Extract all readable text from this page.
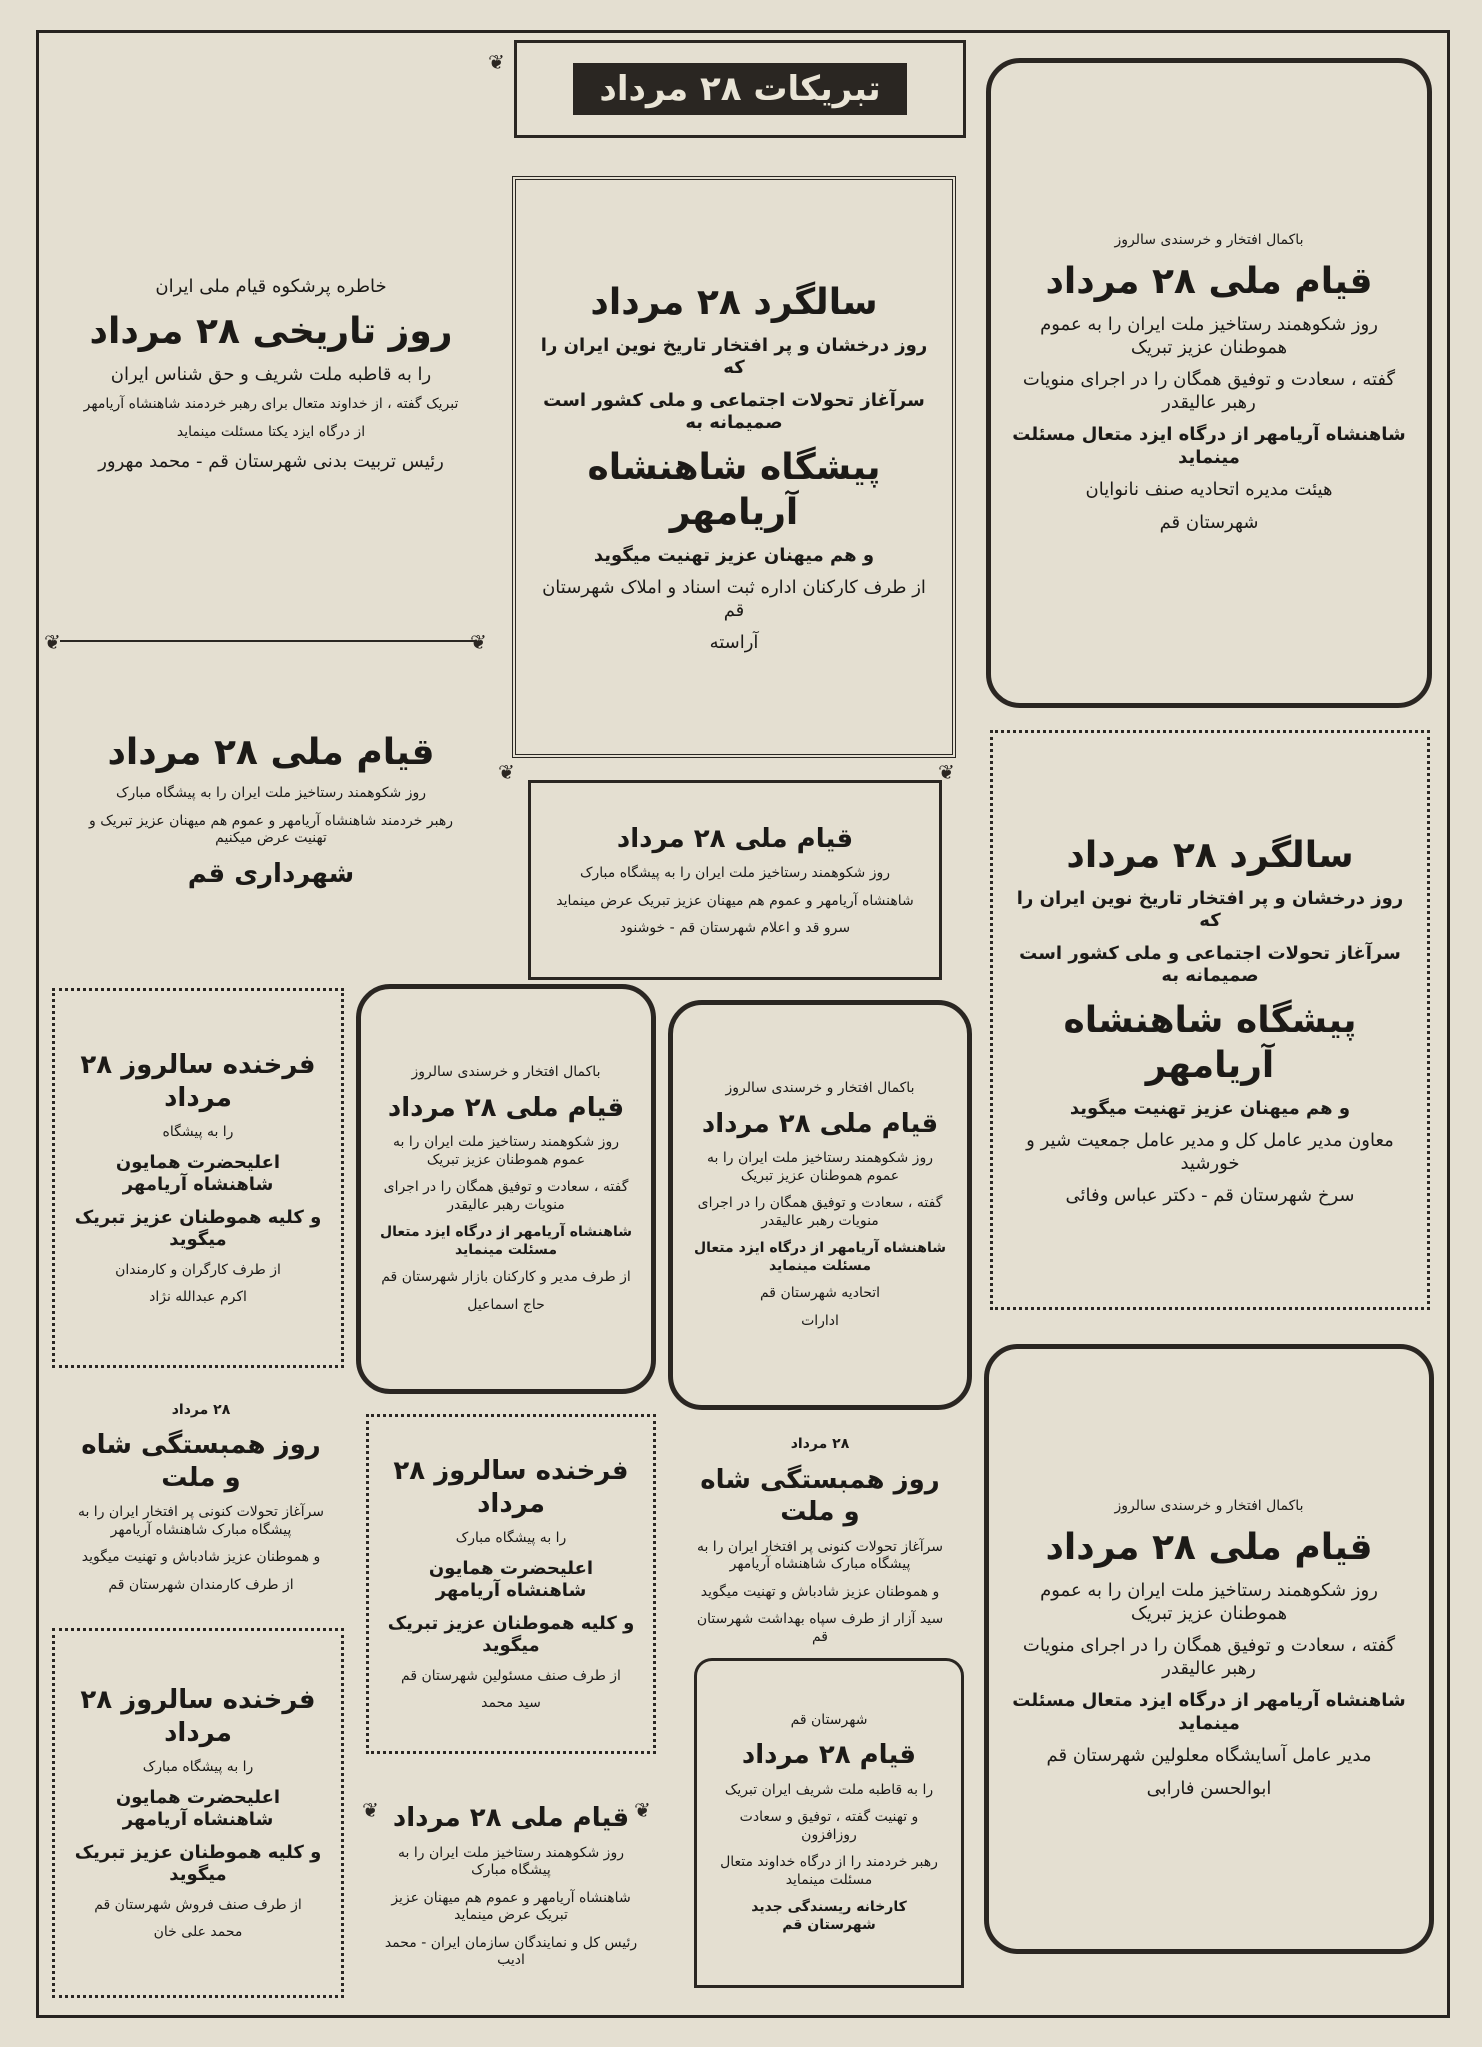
تبریکات ۲۸ مرداد
باکمال افتخار و خرسندی سالروز
قیام ملی ۲۸ مرداد
روز شکوهمند رستاخیز ملت ایران را به عموم هموطنان عزیز تبریک
گفته ، سعادت و توفیق همگان را در اجرای منویات رهبر عالیقدر
شاهنشاه آریامهر از درگاه ایزد متعال مسئلت مینماید
هیئت مدیره اتحادیه صنف نانوایان
شهرستان قم
سالگرد ۲۸ مرداد
روز درخشان و پر افتخار تاریخ نوین ایران را که
سرآغاز تحولات اجتماعی و ملی کشور است صمیمانه به
پیشگاه شاهنشاه آریامهر
و هم میهنان عزیز تهنیت میگوید
از طرف کارکنان اداره ثبت اسناد و املاک شهرستان قم
آراسته
خاطره پرشکوه قیام ملی ایران
روز تاریخی ۲۸ مرداد
را به قاطبه ملت شریف و حق شناس ایران
تبریک گفته ، از خداوند متعال برای رهبر خردمند شاهنشاه آریامهر
از درگاه ایزد یکتا مسئلت مینماید
رئیس تربیت بدنی شهرستان قم - محمد مهرور
قیام ملی ۲۸ مرداد
روز شکوهمند رستاخیز ملت ایران را به پیشگاه مبارک
رهبر خردمند شاهنشاه آریامهر و عموم هم میهنان عزیز تبریک و تهنیت عرض میکنیم
شهرداری قم
قیام ملی ۲۸ مرداد
روز شکوهمند رستاخیز ملت ایران را به پیشگاه مبارک
شاهنشاه آریامهر و عموم هم میهنان عزیز تبریک عرض مینماید
سرو قد و اعلام شهرستان قم - خوشنود
سالگرد ۲۸ مرداد
روز درخشان و پر افتخار تاریخ نوین ایران را که
سرآغاز تحولات اجتماعی و ملی کشور است صمیمانه به
پیشگاه شاهنشاه آریامهر
و هم میهنان عزیز تهنیت میگوید
معاون مدیر عامل کل و مدیر عامل جمعیت شیر و خورشید
سرخ شهرستان قم - دکتر عباس وفائی
فرخنده سالروز ۲۸ مرداد
را به پیشگاه
اعلیحضرت همایون شاهنشاه آریامهر
و کلیه هموطنان عزیز تبریک میگوید
از طرف کارگران و کارمندان
اکرم عبدالله نژاد
باکمال افتخار و خرسندی سالروز
قیام ملی ۲۸ مرداد
روز شکوهمند رستاخیز ملت ایران را به عموم هموطنان عزیز تبریک
گفته ، سعادت و توفیق همگان را در اجرای منویات رهبر عالیقدر
شاهنشاه آریامهر از درگاه ایزد متعال مسئلت مینماید
از طرف مدیر و کارکنان بازار شهرستان قم
حاج اسماعیل
باکمال افتخار و خرسندی سالروز
قیام ملی ۲۸ مرداد
روز شکوهمند رستاخیز ملت ایران را به عموم هموطنان عزیز تبریک
گفته ، سعادت و توفیق همگان را در اجرای منویات رهبر عالیقدر
شاهنشاه آریامهر از درگاه ایزد متعال مسئلت مینماید
اتحادیه شهرستان قم
ادارات
باکمال افتخار و خرسندی سالروز
قیام ملی ۲۸ مرداد
روز شکوهمند رستاخیز ملت ایران را به عموم هموطنان عزیز تبریک
گفته ، سعادت و توفیق همگان را در اجرای منویات رهبر عالیقدر
شاهنشاه آریامهر از درگاه ایزد متعال مسئلت مینماید
مدیر عامل آسایشگاه معلولین شهرستان قم
ابوالحسن فارابی
۲۸ مرداد
روز همبستگی شاه و ملت
سرآغاز تحولات کنونی پر افتخار ایران را به پیشگاه مبارک شاهنشاه آریامهر
و هموطنان عزیز شادباش و تهنیت میگوید
از طرف کارمندان شهرستان قم
فرخنده سالروز ۲۸ مرداد
را به پیشگاه مبارک
اعلیحضرت همایون شاهنشاه آریامهر
و کلیه هموطنان عزیز تبریک میگوید
از طرف صنف مسئولین شهرستان قم
سید محمد
۲۸ مرداد
روز همبستگی شاه و ملت
سرآغاز تحولات کنونی پر افتخار ایران را به پیشگاه مبارک شاهنشاه آریامهر
و هموطنان عزیز شادباش و تهنیت میگوید
سید آزار از طرف سپاه بهداشت شهرستان قم
فرخنده سالروز ۲۸ مرداد
را به پیشگاه مبارک
اعلیحضرت همایون شاهنشاه آریامهر
و کلیه هموطنان عزیز تبریک میگوید
از طرف صنف فروش شهرستان قم
محمد علی خان
قیام ملی ۲۸ مرداد
روز شکوهمند رستاخیز ملت ایران را به پیشگاه مبارک
شاهنشاه آریامهر و عموم هم میهنان عزیز تبریک عرض مینماید
رئیس کل و نمایندگان سازمان ایران - محمد ادیب
شهرستان قم
قیام ۲۸ مرداد
را به قاطبه ملت شریف ایران تبریک
و تهنیت گفته ، توفیق و سعادت روزافزون
رهبر خردمند را از درگاه خداوند متعال مسئلت مینماید
کارخانه ریسندگی جدید شهرستان قم
❦
❦	❦
❦	❦
❦	❦
